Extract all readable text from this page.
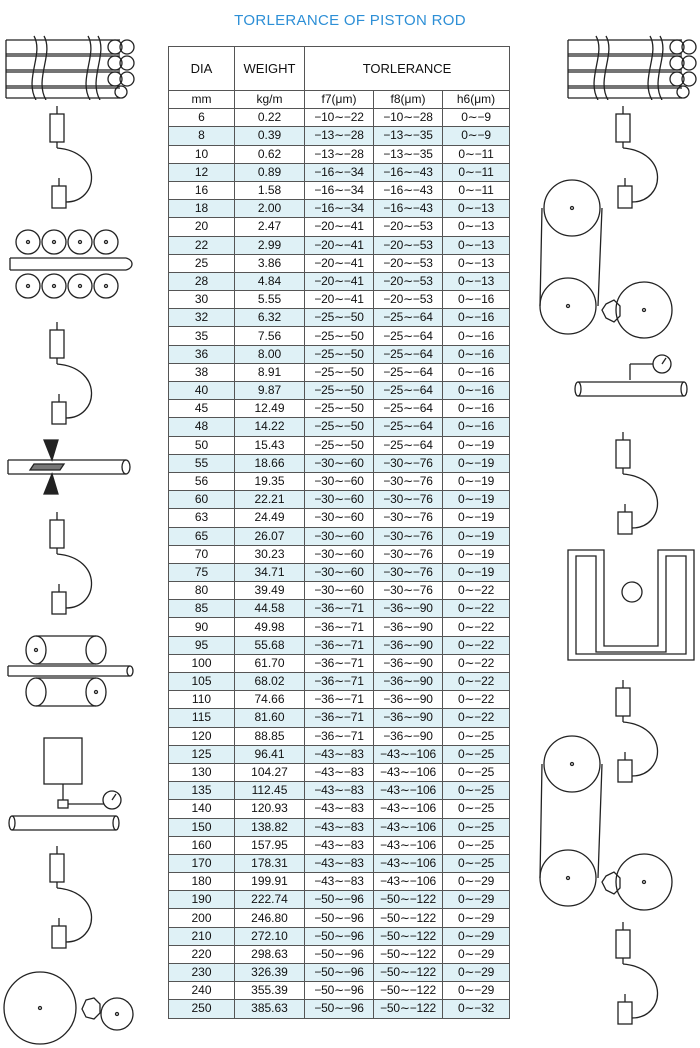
TORLERANCE OF PISTON ROD
DIA	WEIGHT	TORLERANCE		
mm	kg/m	f7(μm)	f8(μm)	h6(μm)
6	0.22	−10∼−22	−10∼−28	0∼−9
8	0.39	−13∼−28	−13∼−35	0∼−9
10	0.62	−13∼−28	−13∼−35	0∼−11
12	0.89	−16∼−34	−16∼−43	0∼−11
16	1.58	−16∼−34	−16∼−43	0∼−11
18	2.00	−16∼−34	−16∼−43	0∼−13
20	2.47	−20∼−41	−20∼−53	0∼−13
22	2.99	−20∼−41	−20∼−53	0∼−13
25	3.86	−20∼−41	−20∼−53	0∼−13
28	4.84	−20∼−41	−20∼−53	0∼−13
30	5.55	−20∼−41	−20∼−53	0∼−16
32	6.32	−25∼−50	−25∼−64	0∼−16
35	7.56	−25∼−50	−25∼−64	0∼−16
36	8.00	−25∼−50	−25∼−64	0∼−16
38	8.91	−25∼−50	−25∼−64	0∼−16
40	9.87	−25∼−50	−25∼−64	0∼−16
45	12.49	−25∼−50	−25∼−64	0∼−16
48	14.22	−25∼−50	−25∼−64	0∼−16
50	15.43	−25∼−50	−25∼−64	0∼−19
55	18.66	−30∼−60	−30∼−76	0∼−19
56	19.35	−30∼−60	−30∼−76	0∼−19
60	22.21	−30∼−60	−30∼−76	0∼−19
63	24.49	−30∼−60	−30∼−76	0∼−19
65	26.07	−30∼−60	−30∼−76	0∼−19
70	30.23	−30∼−60	−30∼−76	0∼−19
75	34.71	−30∼−60	−30∼−76	0∼−19
80	39.49	−30∼−60	−30∼−76	0∼−22
85	44.58	−36∼−71	−36∼−90	0∼−22
90	49.98	−36∼−71	−36∼−90	0∼−22
95	55.68	−36∼−71	−36∼−90	0∼−22
100	61.70	−36∼−71	−36∼−90	0∼−22
105	68.02	−36∼−71	−36∼−90	0∼−22
110	74.66	−36∼−71	−36∼−90	0∼−22
115	81.60	−36∼−71	−36∼−90	0∼−22
120	88.85	−36∼−71	−36∼−90	0∼−25
125	96.41	−43∼−83	−43∼−106	0∼−25
130	104.27	−43∼−83	−43∼−106	0∼−25
135	112.45	−43∼−83	−43∼−106	0∼−25
140	120.93	−43∼−83	−43∼−106	0∼−25
150	138.82	−43∼−83	−43∼−106	0∼−25
160	157.95	−43∼−83	−43∼−106	0∼−25
170	178.31	−43∼−83	−43∼−106	0∼−25
180	199.91	−43∼−83	−43∼−106	0∼−29
190	222.74	−50∼−96	−50∼−122	0∼−29
200	246.80	−50∼−96	−50∼−122	0∼−29
210	272.10	−50∼−96	−50∼−122	0∼−29
220	298.63	−50∼−96	−50∼−122	0∼−29
230	326.39	−50∼−96	−50∼−122	0∼−29
240	355.39	−50∼−96	−50∼−122	0∼−29
250	385.63	−50∼−96	−50∼−122	0∼−32
